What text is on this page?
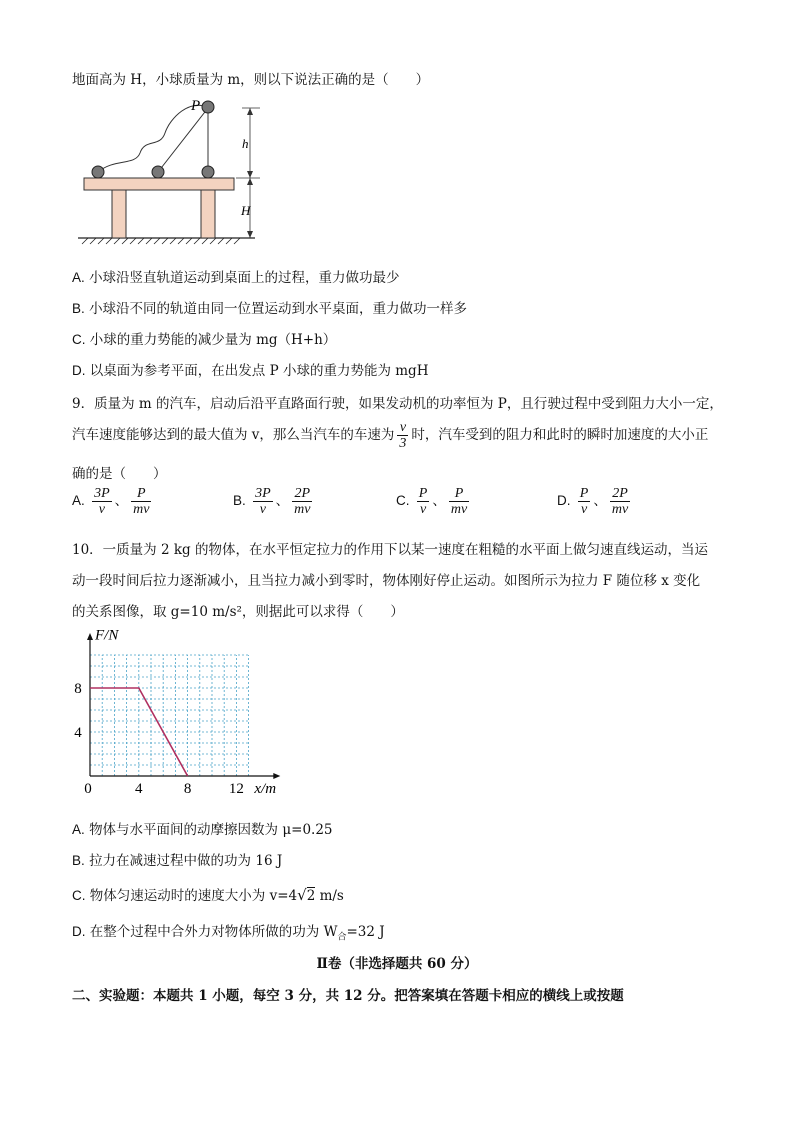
地面高为 H，小球质量为 m，则以下说法正确的是（　　）
P
h
H
A. 小球沿竖直轨道运动到桌面上的过程，重力做功最少
B. 小球沿不同的轨道由同一位置运动到水平桌面，重力做功一样多
C. 小球的重力势能的减少量为 mg（H+h）
D. 以桌面为参考平面，在出发点 P 小球的重力势能为 mgH
9．质量为 m 的汽车，启动后沿平直路面行驶，如果发动机的功率恒为 P，且行驶过程中受到阻力大小一定，
汽车速度能够达到的最大值为 v，那么当汽车的车速为 $\frac{v}{3}$ 时，汽车受到的阻力和此时的瞬时加速度的大小正
确的是（　　）
A. $\frac{3P}{v}$ 、 $\frac{P}{mv}$	B. $\frac{3P}{v}$ 、 $\frac{2P}{mv}$	C. $\frac{P}{v}$ 、 $\frac{P}{mv}$	D. $\frac{P}{v}$ 、 $\frac{2P}{mv}$
10．一质量为 2 kg 的物体，在水平恒定拉力的作用下以某一速度在粗糙的水平面上做匀速直线运动，当运
动一段时间后拉力逐渐减小，且当拉力减小到零时，物体刚好停止运动。如图所示为拉力 F 随位移 x 变化
的关系图像，取 g=10 m/s²，则据此可以求得（　　）
0	4	8	12
4
8
F/N
x/m
A. 物体与水平面间的动摩擦因数为 μ=0.25
B. 拉力在减速过程中做的功为 16 J
C. 物体匀速运动时的速度大小为 v=4√2 m/s
D. 在整个过程中合外力对物体所做的功为 $W_合=32$ J
Ⅱ卷（非选择题共 60 分）
二、实验题：本题共 1 小题，每空 3 分，共 12 分。把答案填在答题卡相应的横线上或按题
